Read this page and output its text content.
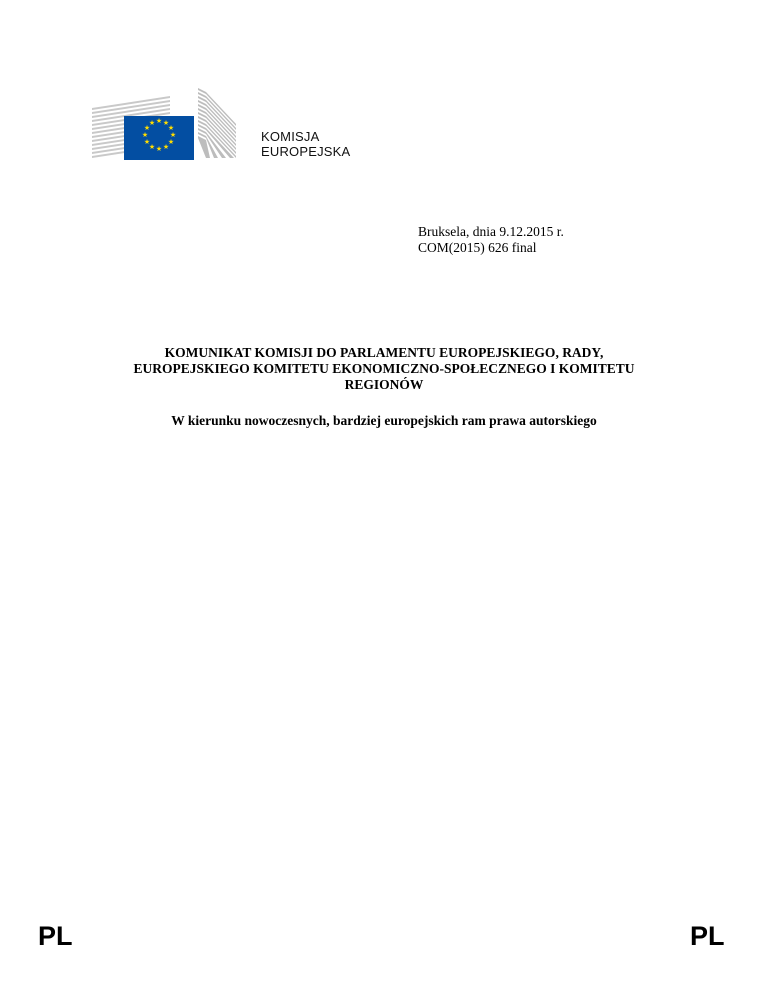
★ ★
★
★
★
★
★
★
★
★
★
★
KOMISJA
EUROPEJSKA
Bruksela, dnia 9.12.2015 r.
COM(2015) 626 final
KOMUNIKAT KOMISJI DO PARLAMENTU EUROPEJSKIEGO, RADY,
EUROPEJSKIEGO KOMITETU EKONOMICZNO-SPOŁECZNEGO I KOMITETU
REGIONÓW
W kierunku nowoczesnych, bardziej europejskich ram prawa autorskiego
PL	PL
